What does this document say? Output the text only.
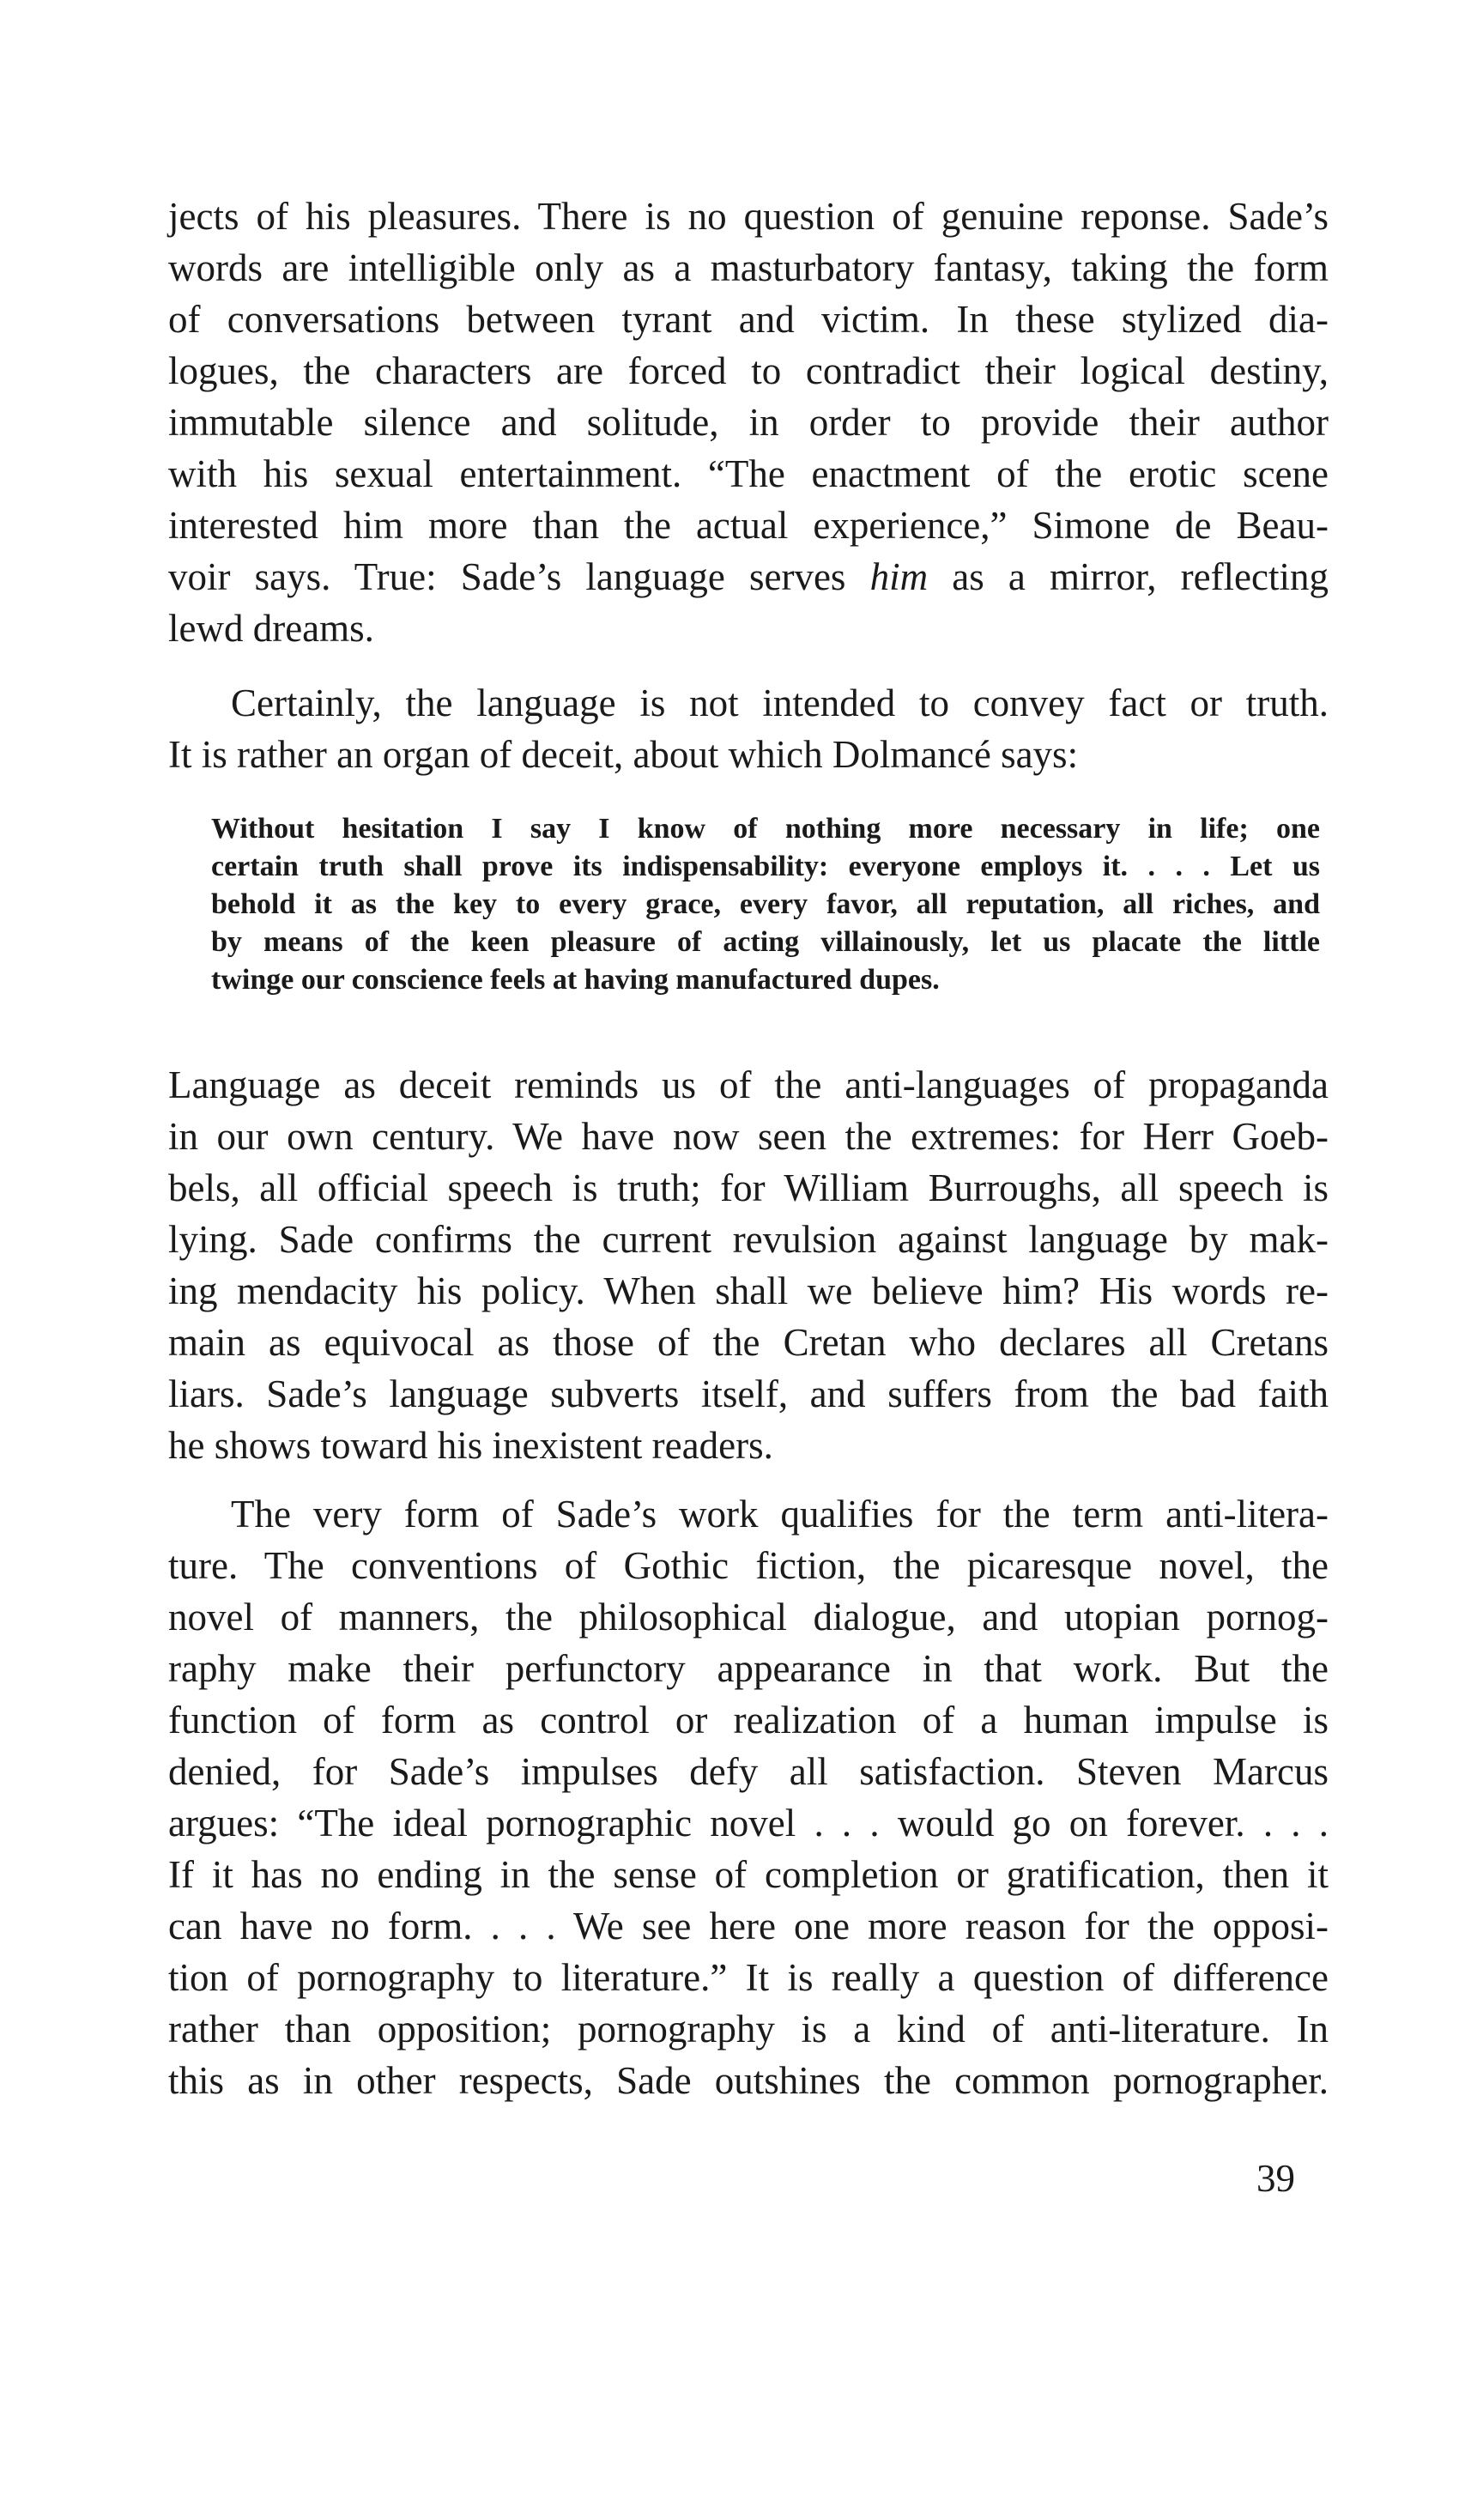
jects of his pleasures. There is no question of genuine reponse. Sade’s
words are intelligible only as a masturbatory fantasy, taking the form
of conversations between tyrant and victim. In these stylized dia-
logues, the characters are forced to contradict their logical destiny,
immutable silence and solitude, in order to provide their author
with his sexual entertainment. “The enactment of the erotic scene
interested him more than the actual experience,” Simone de Beau-
voir says. True: Sade’s language serves him as a mirror, reflecting
lewd dreams.
Certainly, the language is not intended to convey fact or truth.
It is rather an organ of deceit, about which Dolmancé says:
Without hesitation I say I know of nothing more necessary in life; one
certain truth shall prove its indispensability: everyone employs it. . . . Let us
behold it as the key to every grace, every favor, all reputation, all riches, and
by means of the keen pleasure of acting villainously, let us placate the little
twinge our conscience feels at having manufactured dupes.
Language as deceit reminds us of the anti-languages of propaganda
in our own century. We have now seen the extremes: for Herr Goeb-
bels, all official speech is truth; for William Burroughs, all speech is
lying. Sade confirms the current revulsion against language by mak-
ing mendacity his policy. When shall we believe him? His words re-
main as equivocal as those of the Cretan who declares all Cretans
liars. Sade’s language subverts itself, and suffers from the bad faith
he shows toward his inexistent readers.
The very form of Sade’s work qualifies for the term anti-litera-
ture. The conventions of Gothic fiction, the picaresque novel, the
novel of manners, the philosophical dialogue, and utopian pornog-
raphy make their perfunctory appearance in that work. But the
function of form as control or realization of a human impulse is
denied, for Sade’s impulses defy all satisfaction. Steven Marcus
argues: “The ideal pornographic novel . . . would go on forever. . . .
If it has no ending in the sense of completion or gratification, then it
can have no form. . . . We see here one more reason for the opposi-
tion of pornography to literature.” It is really a question of difference
rather than opposition; pornography is a kind of anti-literature. In
this as in other respects, Sade outshines the common pornographer.
39
